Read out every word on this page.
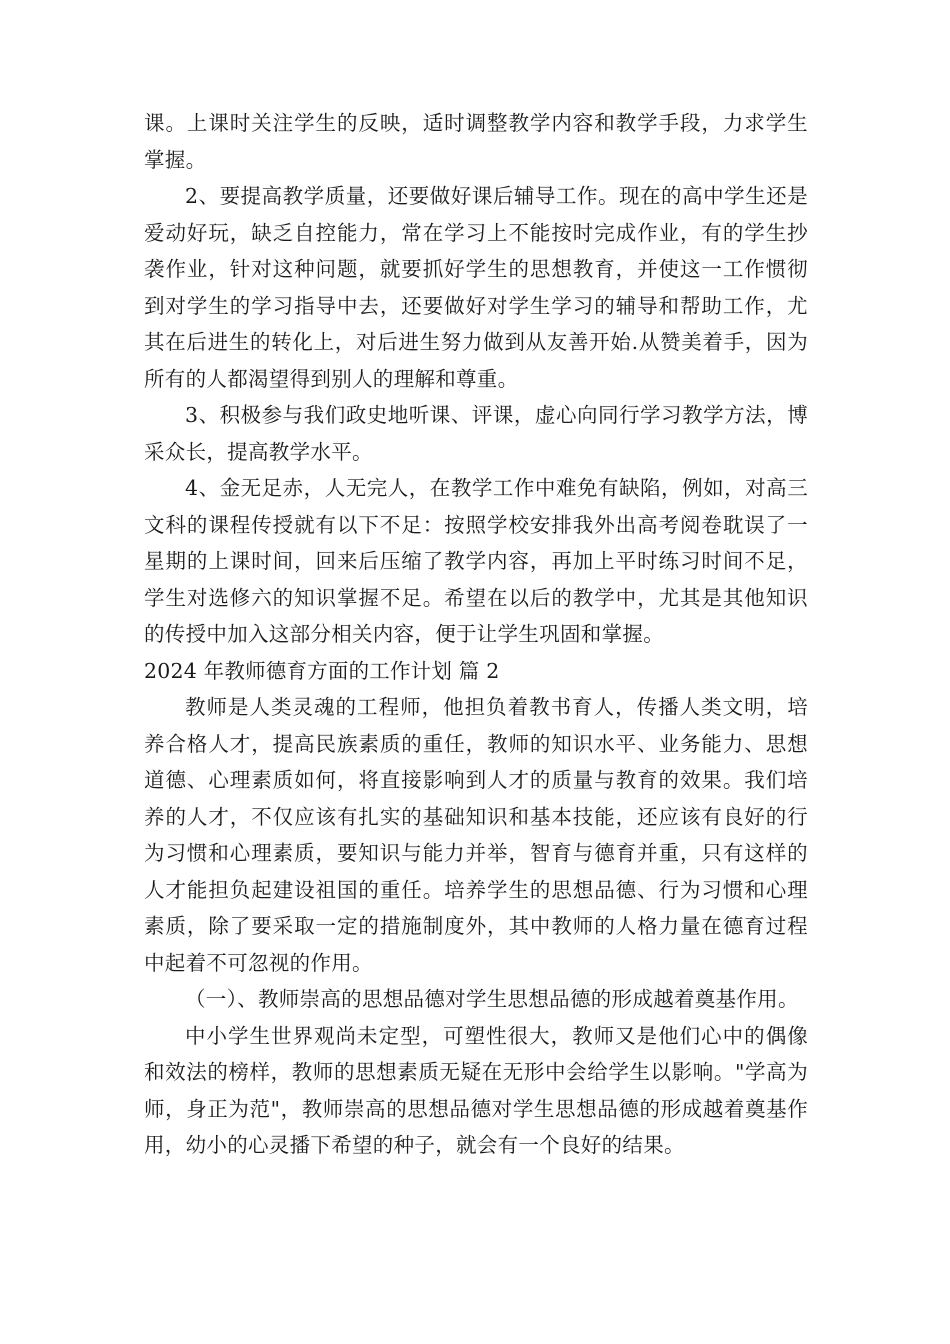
课。上课时关注学生的反映，适时调整教学内容和教学手段，力求学生掌握。

2、要提高教学质量，还要做好课后辅导工作。现在的高中学生还是爱动好玩，缺乏自控能力，常在学习上不能按时完成作业，有的学生抄袭作业，针对这种问题，就要抓好学生的思想教育，并使这一工作惯彻到对学生的学习指导中去，还要做好对学生学习的辅导和帮助工作，尤其在后进生的转化上，对后进生努力做到从友善开始.从赞美着手，因为所有的人都渴望得到别人的理解和尊重。

3、积极参与我们政史地听课、评课，虚心向同行学习教学方法，博采众长，提高教学水平。

4、金无足赤，人无完人，在教学工作中难免有缺陷，例如，对高三文科的课程传授就有以下不足：按照学校安排我外出高考阅卷耽误了一星期的上课时间，回来后压缩了教学内容，再加上平时练习时间不足，学生对选修六的知识掌握不足。希望在以后的教学中，尤其是其他知识的传授中加入这部分相关内容，便于让学生巩固和掌握。

2024 年教师德育方面的工作计划 篇 2

教师是人类灵魂的工程师，他担负着教书育人，传播人类文明，培养合格人才，提高民族素质的重任，教师的知识水平、业务能力、思想道德、心理素质如何，将直接影响到人才的质量与教育的效果。我们培养的人才，不仅应该有扎实的基础知识和基本技能，还应该有良好的行为习惯和心理素质，要知识与能力并举，智育与德育并重，只有这样的人才能担负起建设祖国的重任。培养学生的思想品德、行为习惯和心理素质，除了要采取一定的措施制度外，其中教师的人格力量在德育过程中起着不可忽视的作用。

（一）、教师崇高的思想品德对学生思想品德的形成越着奠基作用。

中小学生世界观尚未定型，可塑性很大，教师又是他们心中的偶像和效法的榜样，教师的思想素质无疑在无形中会给学生以影响。"学高为师，身正为范"，教师崇高的思想品德对学生思想品德的形成越着奠基作用，幼小的心灵播下希望的种子，就会有一个良好的结果。
